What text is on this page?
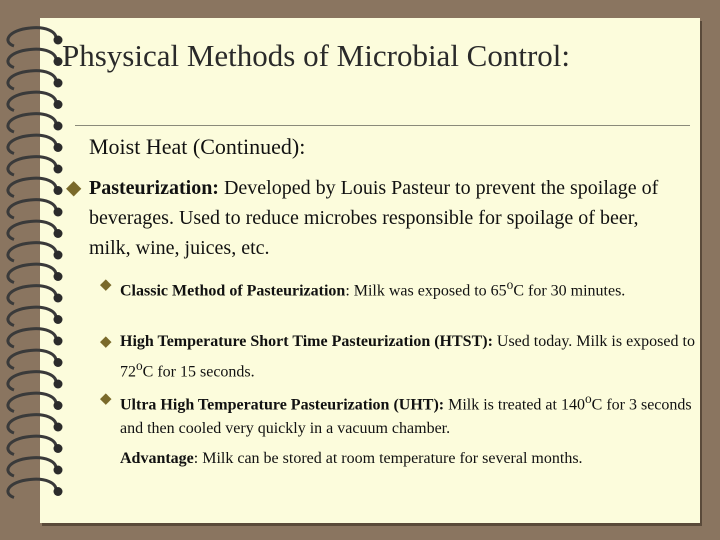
Phsysical Methods of Microbial Control:
Moist Heat (Continued):
◆ Pasteurization: Developed by Louis Pasteur to prevent the spoilage of beverages. Used to reduce microbes responsible for spoilage of beer, milk, wine, juices, etc.
◆ Classic Method of Pasteurization: Milk was exposed to 65$^o$C for 30 minutes.
◆ High Temperature Short Time Pasteurization (HTST): Used today. Milk is exposed to 72$^o$C for 15 seconds.
◆ Ultra High Temperature Pasteurization (UHT): Milk is treated at 140$^o$C for 3 seconds and then cooled very quickly in a vacuum chamber.
Advantage: Milk can be stored at room temperature for several months.
